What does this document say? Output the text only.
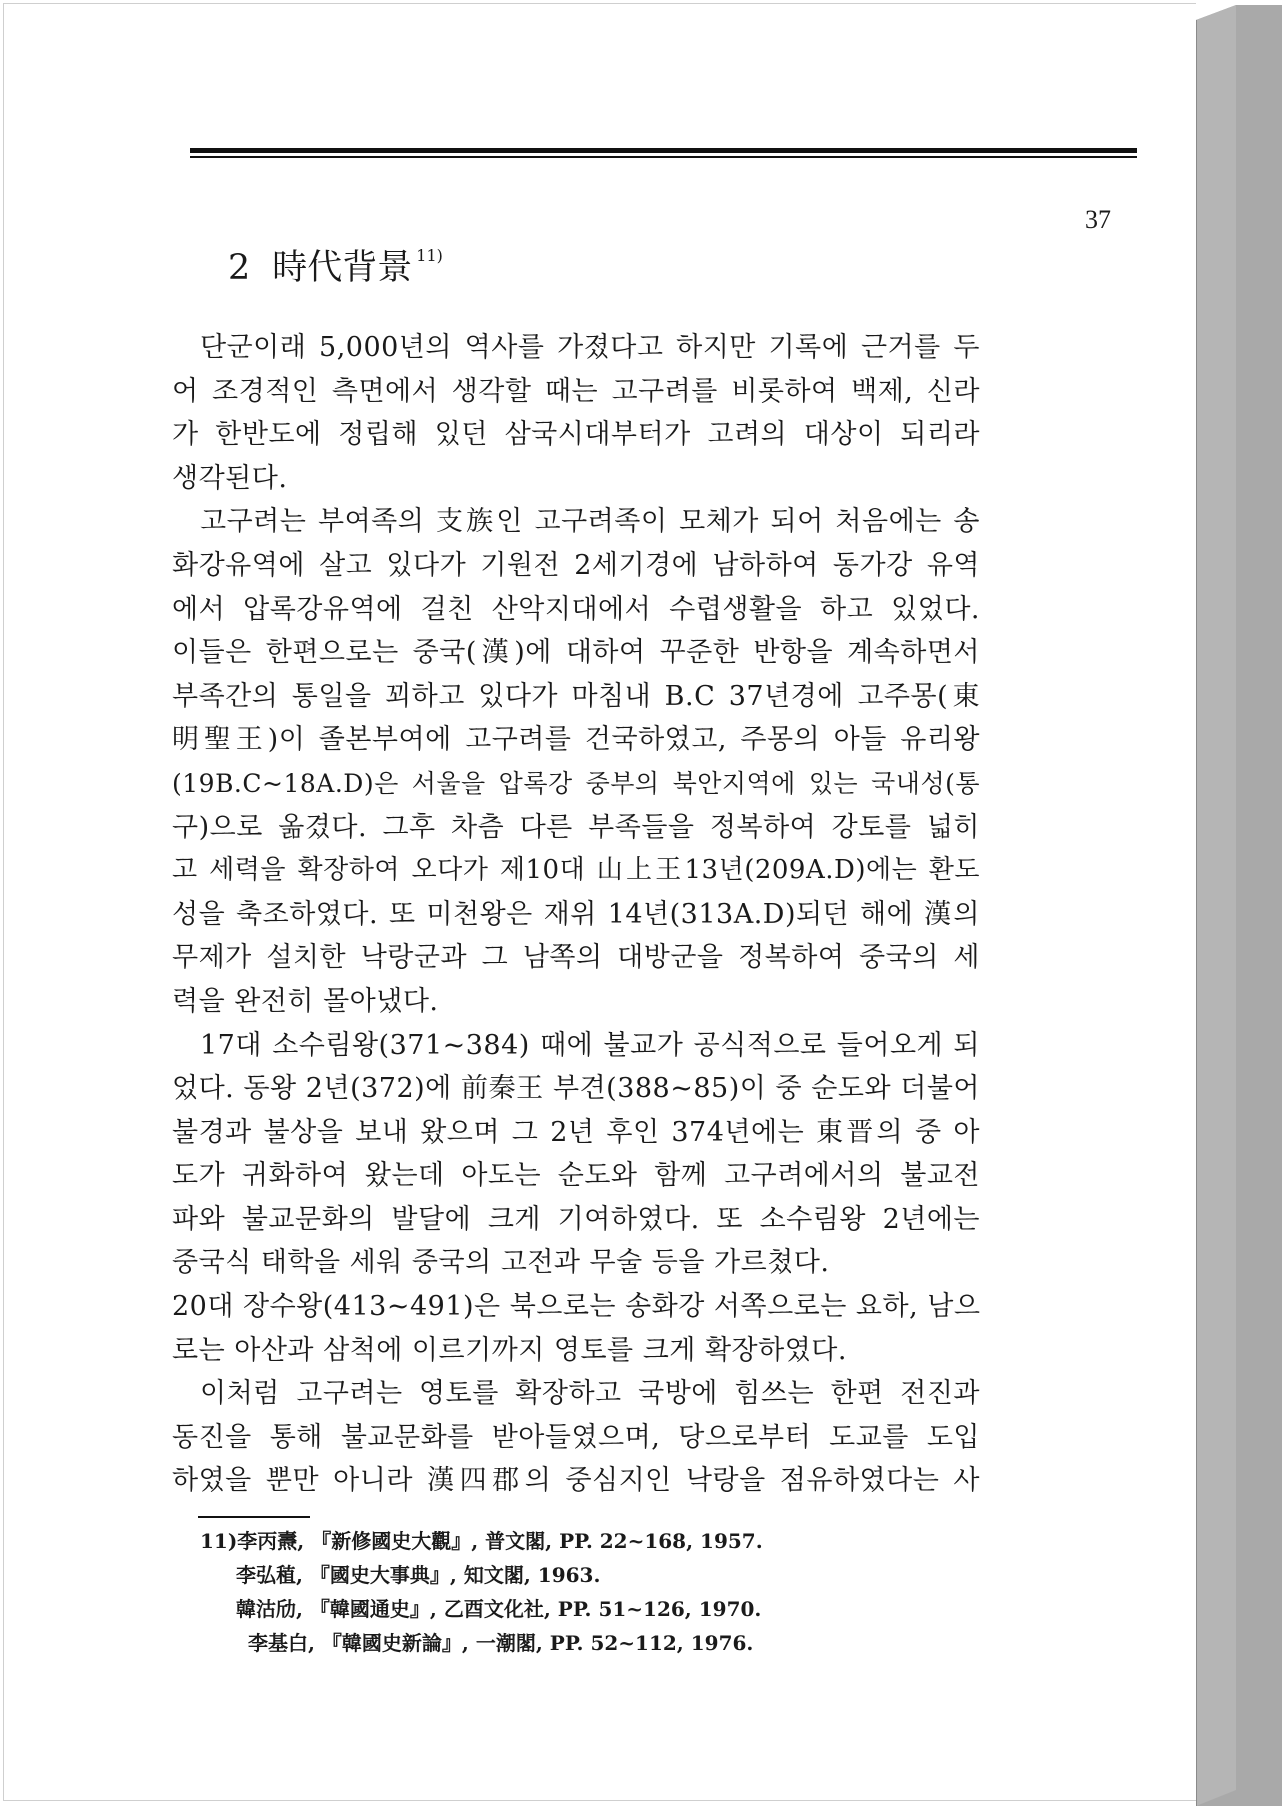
37
2 時代背景 $^{11)}$
단군이래 5,000년의 역사를 가졌다고 하지만 기록에 근거를 두
어 조경적인 측면에서 생각할 때는 고구려를 비롯하여 백제, 신라
가 한반도에 정립해 있던 삼국시대부터가 고려의 대상이 되리라
생각된다.
고구려는 부여족의 支族인 고구려족이 모체가 되어 처음에는 송
화강유역에 살고 있다가 기원전 2세기경에 남하하여 동가강 유역
에서 압록강유역에 걸친 산악지대에서 수렵생활을 하고 있었다.
이들은 한편으로는 중국(漢)에 대하여 꾸준한 반항을 계속하면서
부족간의 통일을 꾀하고 있다가 마침내 B.C 37년경에 고주몽(東
明聖王)이 졸본부여에 고구려를 건국하였고, 주몽의 아들 유리왕
(19B.C~18A.D)은 서울을 압록강 중부의 북안지역에 있는 국내성(통
구)으로 옮겼다. 그후 차츰 다른 부족들을 정복하여 강토를 넓히
고 세력을 확장하여 오다가 제10대 山上王13년(209A.D)에는 환도
성을 축조하였다. 또 미천왕은 재위 14년(313A.D)되던 해에 漢의
무제가 설치한 낙랑군과 그 남쪽의 대방군을 정복하여 중국의 세
력을 완전히 몰아냈다.
17대 소수림왕(371~384) 때에 불교가 공식적으로 들어오게 되
었다. 동왕 2년(372)에 前秦王 부견(388~85)이 중 순도와 더불어
불경과 불상을 보내 왔으며 그 2년 후인 374년에는 東晋의 중 아
도가 귀화하여 왔는데 아도는 순도와 함께 고구려에서의 불교전
파와 불교문화의 발달에 크게 기여하였다. 또 소수림왕 2년에는
중국식 태학을 세워 중국의 고전과 무술 등을 가르쳤다.
20대 장수왕(413~491)은 북으로는 송화강 서쪽으로는 요하, 남으
로는 아산과 삼척에 이르기까지 영토를 크게 확장하였다.
이처럼 고구려는 영토를 확장하고 국방에 힘쓰는 한편 전진과
동진을 통해 불교문화를 받아들였으며, 당으로부터 도교를 도입
하였을 뿐만 아니라 漢四郡의 중심지인 낙랑을 점유하였다는 사
11)李丙燾, 『新修國史大觀』, 普文閣, PP. 22~168, 1957.
李弘稙, 『國史大事典』, 知文閣, 1963.
韓沽劤, 『韓國通史』, 乙酉文化社, PP. 51~126, 1970.
李基白, 『韓國史新論』, 一潮閣, PP. 52~112, 1976.
